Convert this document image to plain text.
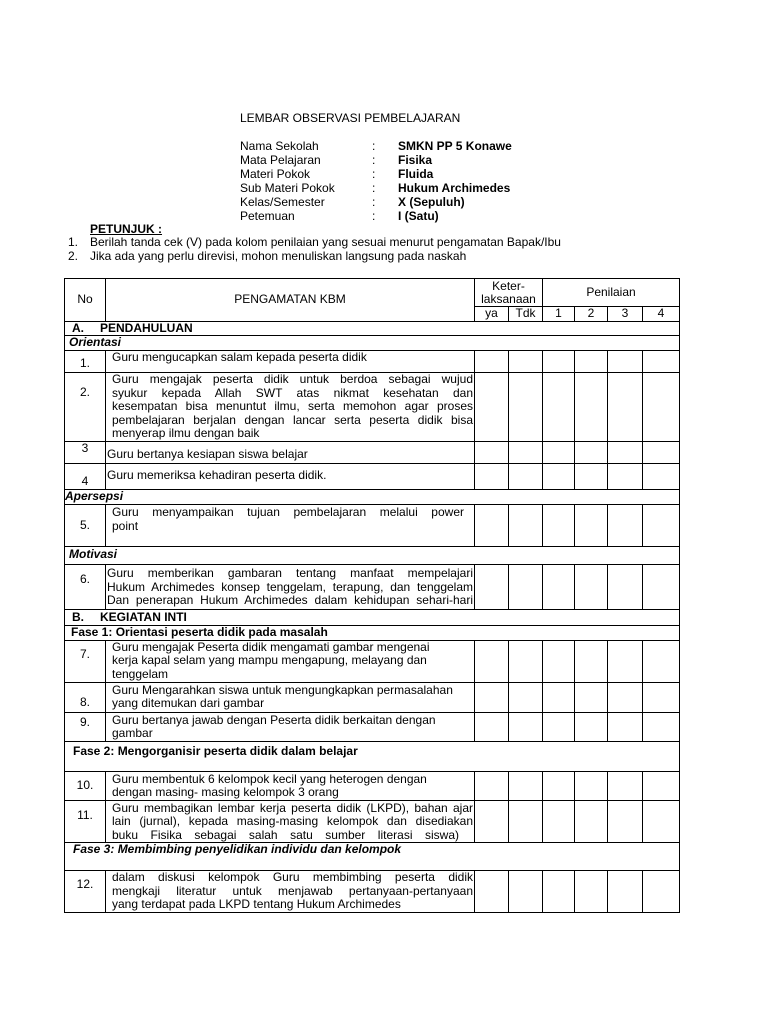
LEMBAR OBSERVASI PEMBELAJARAN
Nama Sekolah	:	SMKN PP 5 Konawe
Mata Pelajaran	:	Fisika
Materi Pokok	:	Fluida
Sub Materi Pokok	:	Hukum Archimedes
Kelas/Semester	:	X (Sepuluh)
Petemuan	:	I (Satu)
PETUNJUK :
1. Berilah tanda cek (V) pada kolom penilaian yang sesuai menurut pengamatan Bapak/Ibu
2. Jika ada yang perlu direvisi, mohon menuliskan langsung pada naskah
No	PENGAMATAN KBM	Keter-
laksanaan		Penilaian			
		ya	Tdk	1	2	3	4
A. PENDAHULUAN							
Orientasi							
1.	Guru mengucapkan salam kepada peserta didik						

2.	Guru mengajak peserta didik untuk berdoa sebagai wujud
syukur kepada Allah SWT atas nikmat kesehatan dan
kesempatan bisa menuntut ilmu, serta memohon agar proses
pembelajaran berjalan dengan lancar serta peserta didik bisa
menyerap ilmu dengan baik						

3	Guru bertanya kesiapan siswa belajar						

4	Guru memeriksa kehadiran peserta didik.						

Apersepsi							
5.	Guru menyampaikan tujuan pembelajaran melalui power
point						

Motivasi							
6.	Guru memberikan gambaran tentang manfaat mempelajari
Hukum Archimedes konsep tenggelam, terapung, dan tenggelam
Dan penerapan Hukum Archimedes dalam kehidupan sehari-hari						

B. KEGIATAN INTI							
Fase 1: Orientasi peserta didik pada masalah							
7.	Guru mengajak Peserta didik mengamati gambar mengenai
kerja kapal selam yang mampu mengapung, melayang dan
tenggelam						

8.	Guru Mengarahkan siswa untuk mengungkapkan permasalahan
yang ditemukan dari gambar						

9.	Guru bertanya jawab dengan Peserta didik berkaitan dengan
gambar						

Fase 2: Mengorganisir peserta didik dalam belajar							
10.	Guru membentuk 6 kelompok kecil yang heterogen dengan
dengan masing- masing kelompok 3 orang						

11.	Guru membagikan lembar kerja peserta didik (LKPD), bahan ajar
lain (jurnal), kepada masing-masing kelompok dan disediakan
buku Fisika sebagai salah satu sumber literasi siswa)						

Fase 3: Membimbing penyelidikan individu dan kelompok							
12.	dalam diskusi kelompok Guru membimbing peserta didik
mengkaji literatur untuk menjawab pertanyaan-pertanyaan
yang terdapat pada LKPD tentang Hukum Archimedes						
